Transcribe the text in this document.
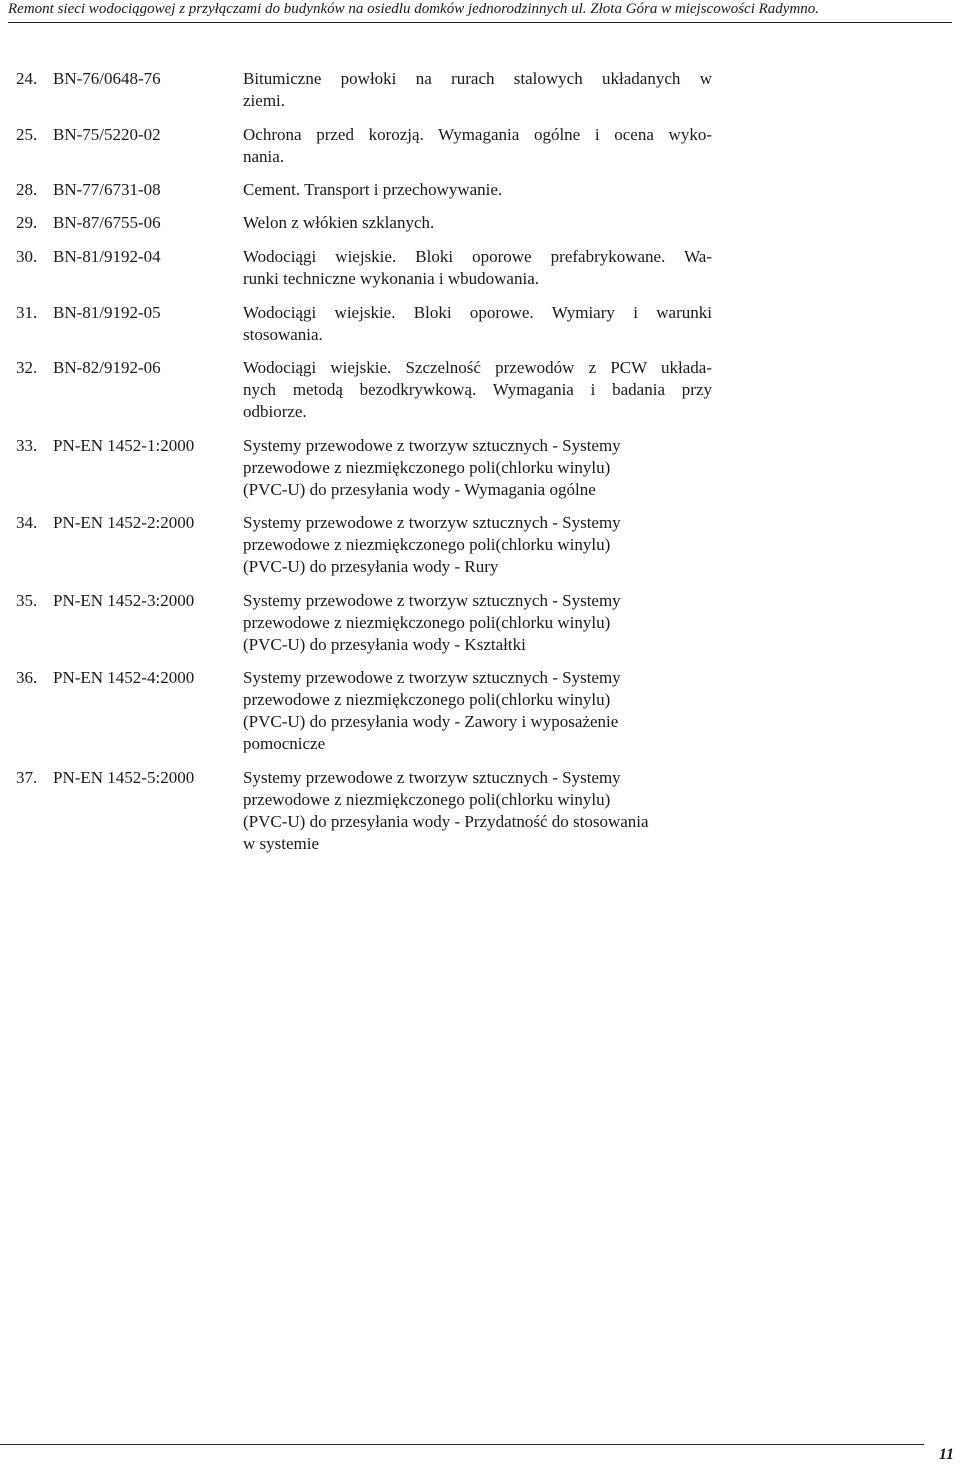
Remont sieci wodociągowej z przyłączami do budynków na osiedlu domków jednorodzinnych ul. Złota Góra w miejscowości Radymno.
24. BN-76/0648-76	Bitumiczne powłoki na rurach stalowych układanych w
ziemi.
25. BN-75/5220-02	Ochrona przed korozją. Wymagania ogólne i ocena wyko-
nania.
28. BN-77/6731-08	Cement. Transport i przechowywanie.
29. BN-87/6755-06	Welon z włókien szklanych.
30. BN-81/9192-04	Wodociągi wiejskie. Bloki oporowe prefabrykowane. Wa-
runki techniczne wykonania i wbudowania.
31. BN-81/9192-05	Wodociągi wiejskie. Bloki oporowe. Wymiary i warunki
stosowania.
32. BN-82/9192-06	Wodociągi wiejskie. Szczelność przewodów z PCW układa-
nych metodą bezodkrywkową. Wymagania i badania przy
odbiorze.
33. PN-EN 1452-1:2000	Systemy przewodowe z tworzyw sztucznych - Systemy
przewodowe z niezmiękczonego poli(chlorku winylu)
(PVC-U) do przesyłania wody - Wymagania ogólne
34. PN-EN 1452-2:2000	Systemy przewodowe z tworzyw sztucznych - Systemy
przewodowe z niezmiękczonego poli(chlorku winylu)
(PVC-U) do przesyłania wody - Rury
35. PN-EN 1452-3:2000	Systemy przewodowe z tworzyw sztucznych - Systemy
przewodowe z niezmiękczonego poli(chlorku winylu)
(PVC-U) do przesyłania wody - Kształtki
36. PN-EN 1452-4:2000	Systemy przewodowe z tworzyw sztucznych - Systemy
przewodowe z niezmiękczonego poli(chlorku winylu)
(PVC-U) do przesyłania wody - Zawory i wyposażenie
pomocnicze
37. PN-EN 1452-5:2000	Systemy przewodowe z tworzyw sztucznych - Systemy
przewodowe z niezmiękczonego poli(chlorku winylu)
(PVC-U) do przesyłania wody - Przydatność do stosowania
w systemie
11
